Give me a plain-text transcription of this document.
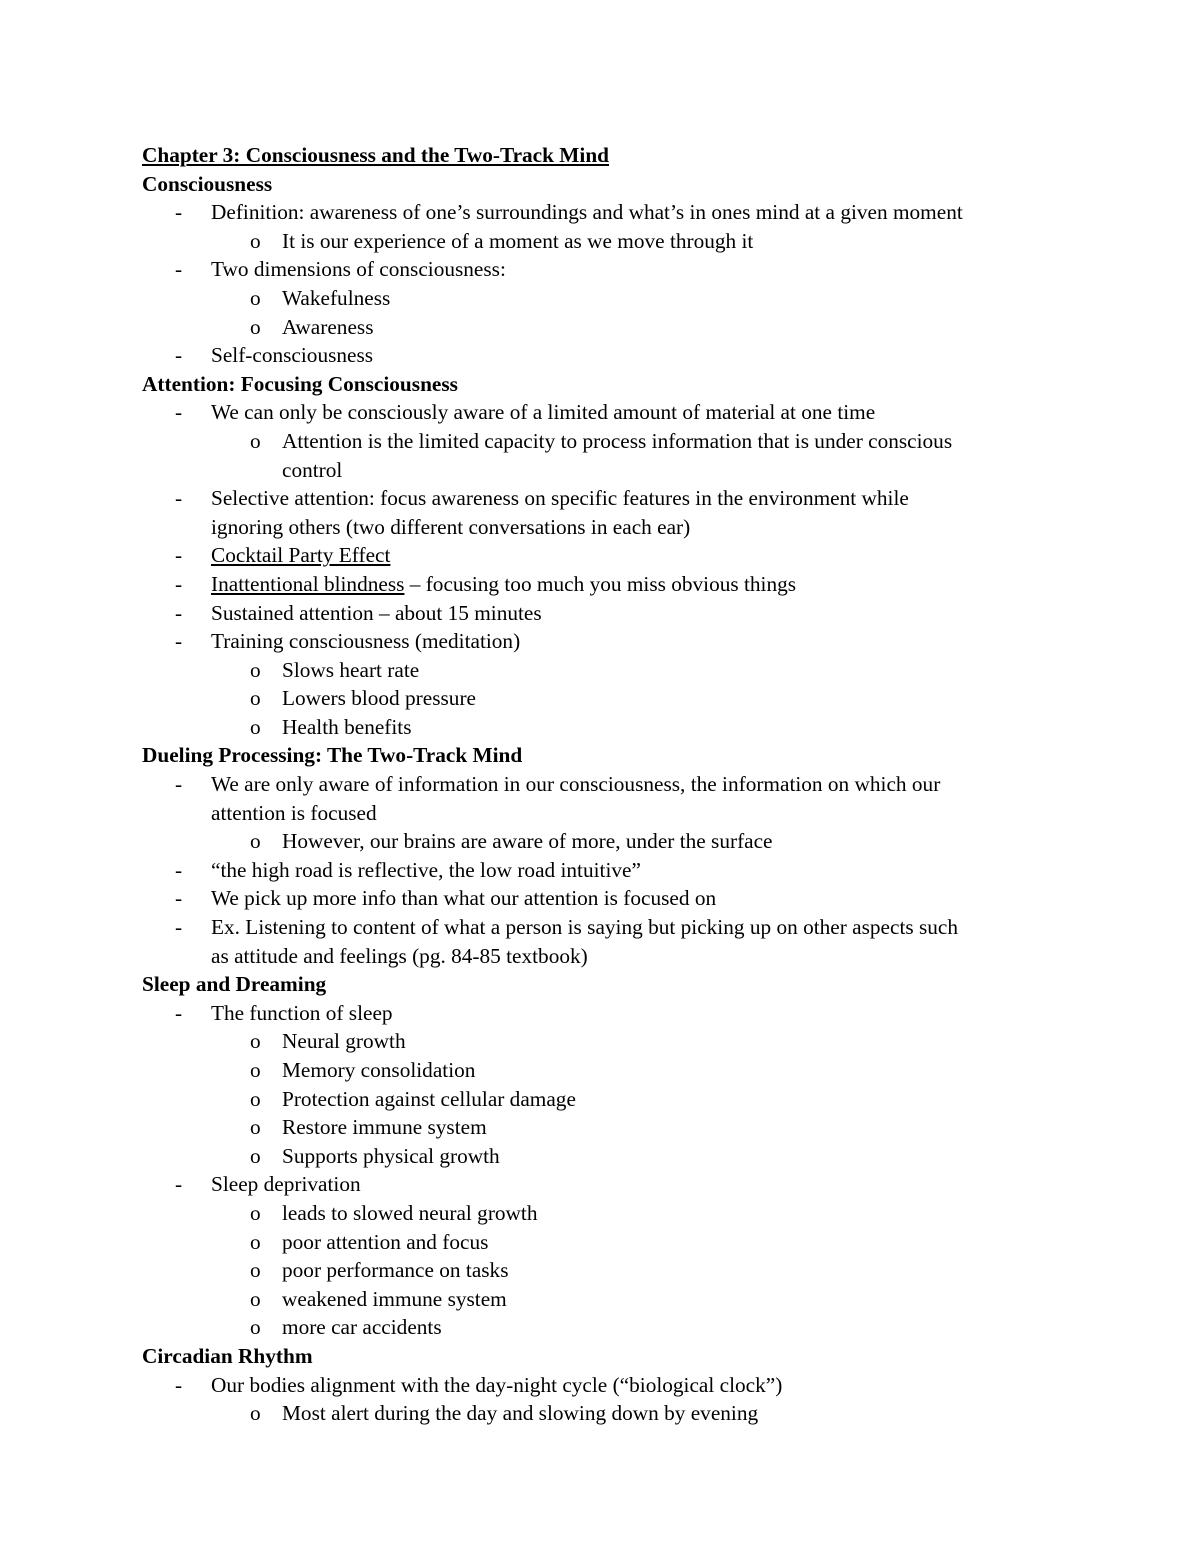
Chapter 3: Consciousness and the Two-Track Mind
Consciousness
- Definition: awareness of one’s surroundings and what’s in ones mind at a given moment
o It is our experience of a moment as we move through it
- Two dimensions of consciousness:
o Wakefulness
o Awareness
- Self-consciousness
Attention: Focusing Consciousness
- We can only be consciously aware of a limited amount of material at one time
o Attention is the limited capacity to process information that is under conscious
control
- Selective attention: focus awareness on specific features in the environment while
ignoring others (two different conversations in each ear)
- Cocktail Party Effect
- Inattentional blindness – focusing too much you miss obvious things
- Sustained attention – about 15 minutes
- Training consciousness (meditation)
o Slows heart rate
o Lowers blood pressure
o Health benefits
Dueling Processing: The Two-Track Mind
- We are only aware of information in our consciousness, the information on which our
attention is focused
o However, our brains are aware of more, under the surface
- “the high road is reflective, the low road intuitive”
- We pick up more info than what our attention is focused on
- Ex. Listening to content of what a person is saying but picking up on other aspects such
as attitude and feelings (pg. 84-85 textbook)
Sleep and Dreaming
- The function of sleep
o Neural growth
o Memory consolidation
o Protection against cellular damage
o Restore immune system
o Supports physical growth
- Sleep deprivation
o leads to slowed neural growth
o poor attention and focus
o poor performance on tasks
o weakened immune system
o more car accidents
Circadian Rhythm
- Our bodies alignment with the day-night cycle (“biological clock”)
o Most alert during the day and slowing down by evening
